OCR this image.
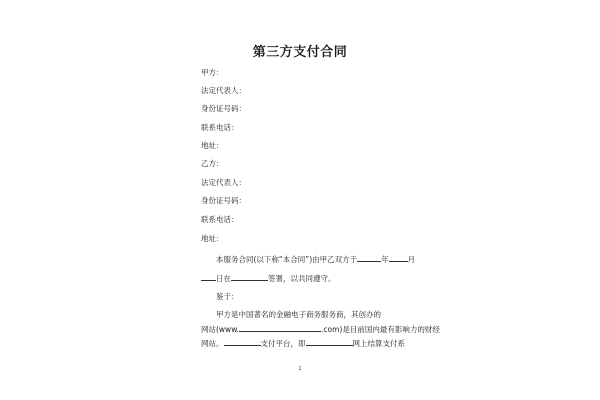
第三方支付合同
甲方：
法定代表人：
身份证号码：
联系电话：
地址：
乙方：
法定代表人：
身份证号码：
联系电话：
地址：
本服务合同(以下称“本合同”)由甲乙双方于	年	月
日在	签署，以共同遵守。
鉴于：
甲方是中国著名的金融电子商务服务商，其创办的
网站(www.	.com)是目前国内最有影响力的财经
网站。	支付平台，即	网上结算支付系
1
